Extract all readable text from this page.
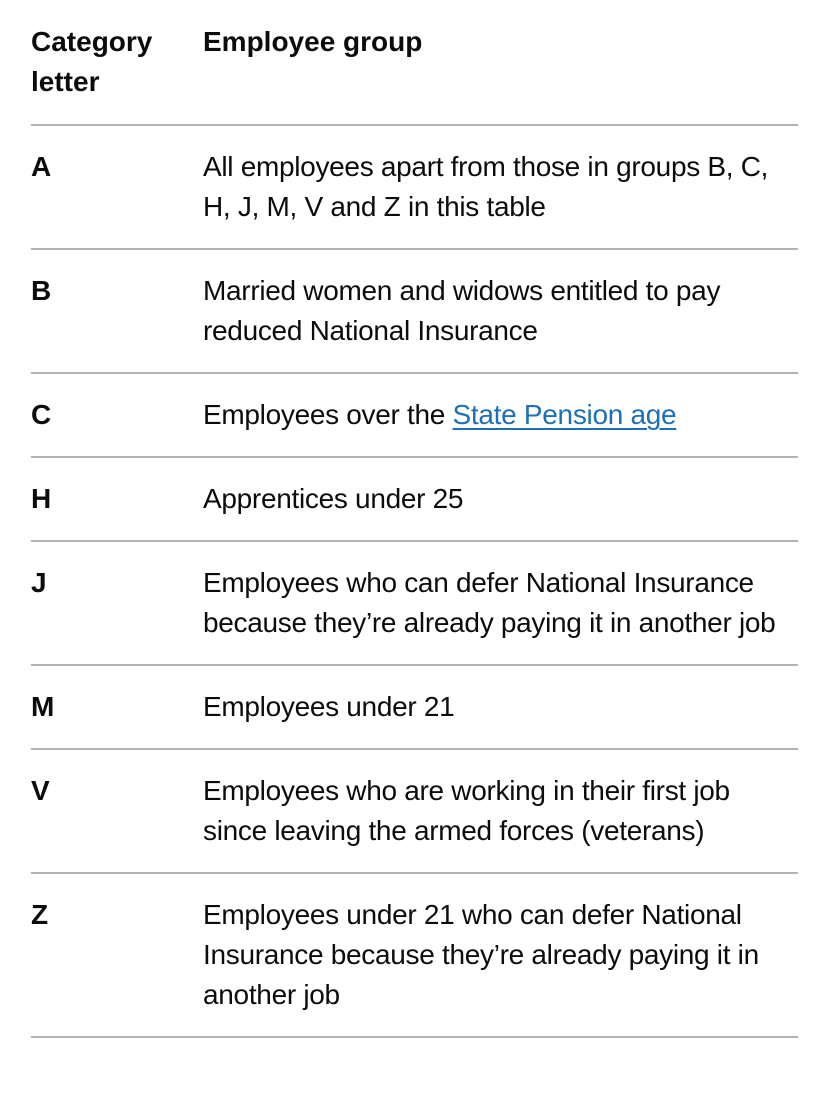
Category letter	Employee group
A	All employees apart from those in groups B, C, H, J, M, V and Z in this table
B	Married women and widows entitled to pay reduced National Insurance
C	Employees over the State Pension age
H	Apprentices under 25
J	Employees who can defer National Insurance because they’re already paying it in another job
M	Employees under 21
V	Employees who are working in their first job since leaving the armed forces (veterans)
Z	Employees under 21 who can defer National Insurance because they’re already paying it in another job
